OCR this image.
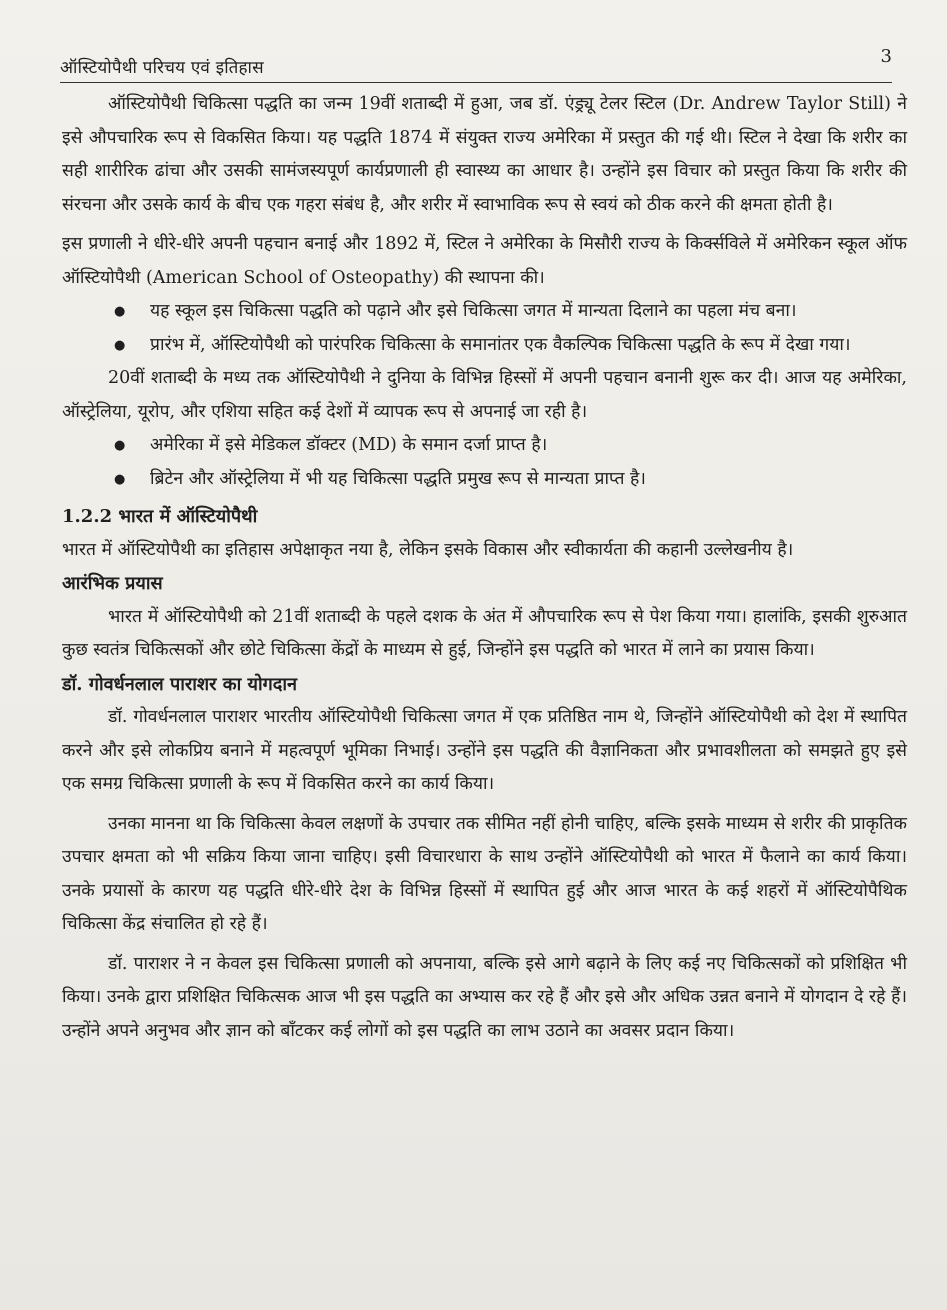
ऑस्टियोपैथी परिचय एवं इतिहास
3

ऑस्टियोपैथी चिकित्सा पद्धति का जन्म 19वीं शताब्दी में हुआ, जब डॉ. एंड्र्यू टेलर स्टिल (Dr. Andrew Taylor Still) ने इसे औपचारिक रूप से विकसित किया। यह पद्धति 1874 में संयुक्त राज्य अमेरिका में प्रस्तुत की गई थी। स्टिल ने देखा कि शरीर का सही शारीरिक ढांचा और उसकी सामंजस्यपूर्ण कार्यप्रणाली ही स्वास्थ्य का आधार है। उन्होंने इस विचार को प्रस्तुत किया कि शरीर की संरचना और उसके कार्य के बीच एक गहरा संबंध है, और शरीर में स्वाभाविक रूप से स्वयं को ठीक करने की क्षमता होती है।

इस प्रणाली ने धीरे-धीरे अपनी पहचान बनाई और 1892 में, स्टिल ने अमेरिका के मिसौरी राज्य के किर्क्सविले में अमेरिकन स्कूल ऑफ ऑस्टियोपैथी (American School of Osteopathy) की स्थापना की।

● यह स्कूल इस चिकित्सा पद्धति को पढ़ाने और इसे चिकित्सा जगत में मान्यता दिलाने का पहला मंच बना।
● प्रारंभ में, ऑस्टियोपैथी को पारंपरिक चिकित्सा के समानांतर एक वैकल्पिक चिकित्सा पद्धति के रूप में देखा गया।

20वीं शताब्दी के मध्य तक ऑस्टियोपैथी ने दुनिया के विभिन्न हिस्सों में अपनी पहचान बनानी शुरू कर दी। आज यह अमेरिका, ऑस्ट्रेलिया, यूरोप, और एशिया सहित कई देशों में व्यापक रूप से अपनाई जा रही है।

● अमेरिका में इसे मेडिकल डॉक्टर (MD) के समान दर्जा प्राप्त है।
● ब्रिटेन और ऑस्ट्रेलिया में भी यह चिकित्सा पद्धति प्रमुख रूप से मान्यता प्राप्त है।

1.2.2 भारत में ऑस्टियोपैथी

भारत में ऑस्टियोपैथी का इतिहास अपेक्षाकृत नया है, लेकिन इसके विकास और स्वीकार्यता की कहानी उल्लेखनीय है।

आरंभिक प्रयास

भारत में ऑस्टियोपैथी को 21वीं शताब्दी के पहले दशक के अंत में औपचारिक रूप से पेश किया गया। हालांकि, इसकी शुरुआत कुछ स्वतंत्र चिकित्सकों और छोटे चिकित्सा केंद्रों के माध्यम से हुई, जिन्होंने इस पद्धति को भारत में लाने का प्रयास किया।

डॉ. गोवर्धनलाल पाराशर का योगदान

डॉ. गोवर्धनलाल पाराशर भारतीय ऑस्टियोपैथी चिकित्सा जगत में एक प्रतिष्ठित नाम थे, जिन्होंने ऑस्टियोपैथी को देश में स्थापित करने और इसे लोकप्रिय बनाने में महत्वपूर्ण भूमिका निभाई। उन्होंने इस पद्धति की वैज्ञानिकता और प्रभावशीलता को समझते हुए इसे एक समग्र चिकित्सा प्रणाली के रूप में विकसित करने का कार्य किया।

उनका मानना था कि चिकित्सा केवल लक्षणों के उपचार तक सीमित नहीं होनी चाहिए, बल्कि इसके माध्यम से शरीर की प्राकृतिक उपचार क्षमता को भी सक्रिय किया जाना चाहिए। इसी विचारधारा के साथ उन्होंने ऑस्टियोपैथी को भारत में फैलाने का कार्य किया। उनके प्रयासों के कारण यह पद्धति धीरे-धीरे देश के विभिन्न हिस्सों में स्थापित हुई और आज भारत के कई शहरों में ऑस्टियोपैथिक चिकित्सा केंद्र संचालित हो रहे हैं।

डॉ. पाराशर ने न केवल इस चिकित्सा प्रणाली को अपनाया, बल्कि इसे आगे बढ़ाने के लिए कई नए चिकित्सकों को प्रशिक्षित भी किया। उनके द्वारा प्रशिक्षित चिकित्सक आज भी इस पद्धति का अभ्यास कर रहे हैं और इसे और अधिक उन्नत बनाने में योगदान दे रहे हैं। उन्होंने अपने अनुभव और ज्ञान को बाँटकर कई लोगों को इस पद्धति का लाभ उठाने का अवसर प्रदान किया।
